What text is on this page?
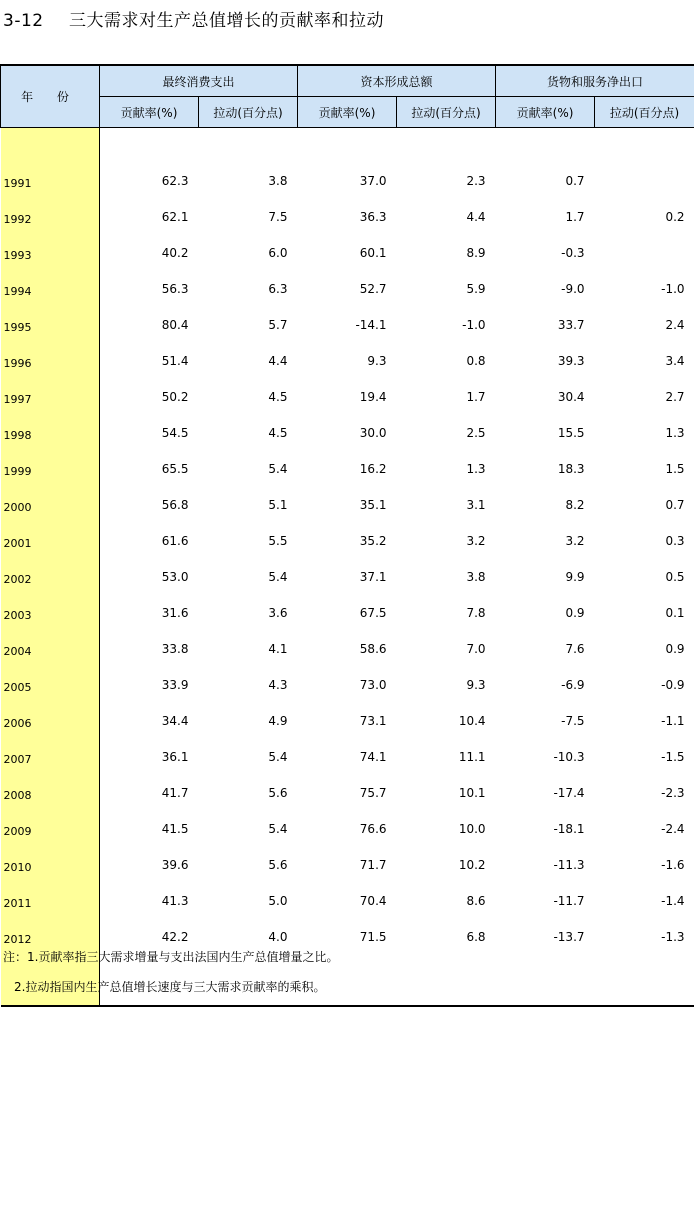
3-12 三大需求对生产总值增长的贡献率和拉动
年 份	最终消费支出		资本形成总额		货物和服务净出口	
	贡献率(%)	拉动(百分点)	贡献率(%)	拉动(百分点)	贡献率(%)	拉动(百分点)

1991	62.3	3.8	37.0	2.3	0.7	
1992	62.1	7.5	36.3	4.4	1.7	0.2
1993	40.2	6.0	60.1	8.9	-0.3	
1994	56.3	6.3	52.7	5.9	-9.0	-1.0
1995	80.4	5.7	-14.1	-1.0	33.7	2.4
1996	51.4	4.4	9.3	0.8	39.3	3.4
1997	50.2	4.5	19.4	1.7	30.4	2.7
1998	54.5	4.5	30.0	2.5	15.5	1.3
1999	65.5	5.4	16.2	1.3	18.3	1.5
2000	56.8	5.1	35.1	3.1	8.2	0.7
2001	61.6	5.5	35.2	3.2	3.2	0.3
2002	53.0	5.4	37.1	3.8	9.9	0.5
2003	31.6	3.6	67.5	7.8	0.9	0.1
2004	33.8	4.1	58.6	7.0	7.6	0.9
2005	33.9	4.3	73.0	9.3	-6.9	-0.9
2006	34.4	4.9	73.1	10.4	-7.5	-1.1
2007	36.1	5.4	74.1	11.1	-10.3	-1.5
2008	41.7	5.6	75.7	10.1	-17.4	-2.3
2009	41.5	5.4	76.6	10.0	-18.1	-2.4
2010	39.6	5.6	71.7	10.2	-11.3	-1.6
2011	41.3	5.0	70.4	8.6	-11.7	-1.4
2012	42.2	4.0	71.5	6.8	-13.7	-1.3

注：1.贡献率指三大需求增量与支出法国内生产总值增量之比。
2.拉动指国内生产总值增长速度与三大需求贡献率的乘积。
